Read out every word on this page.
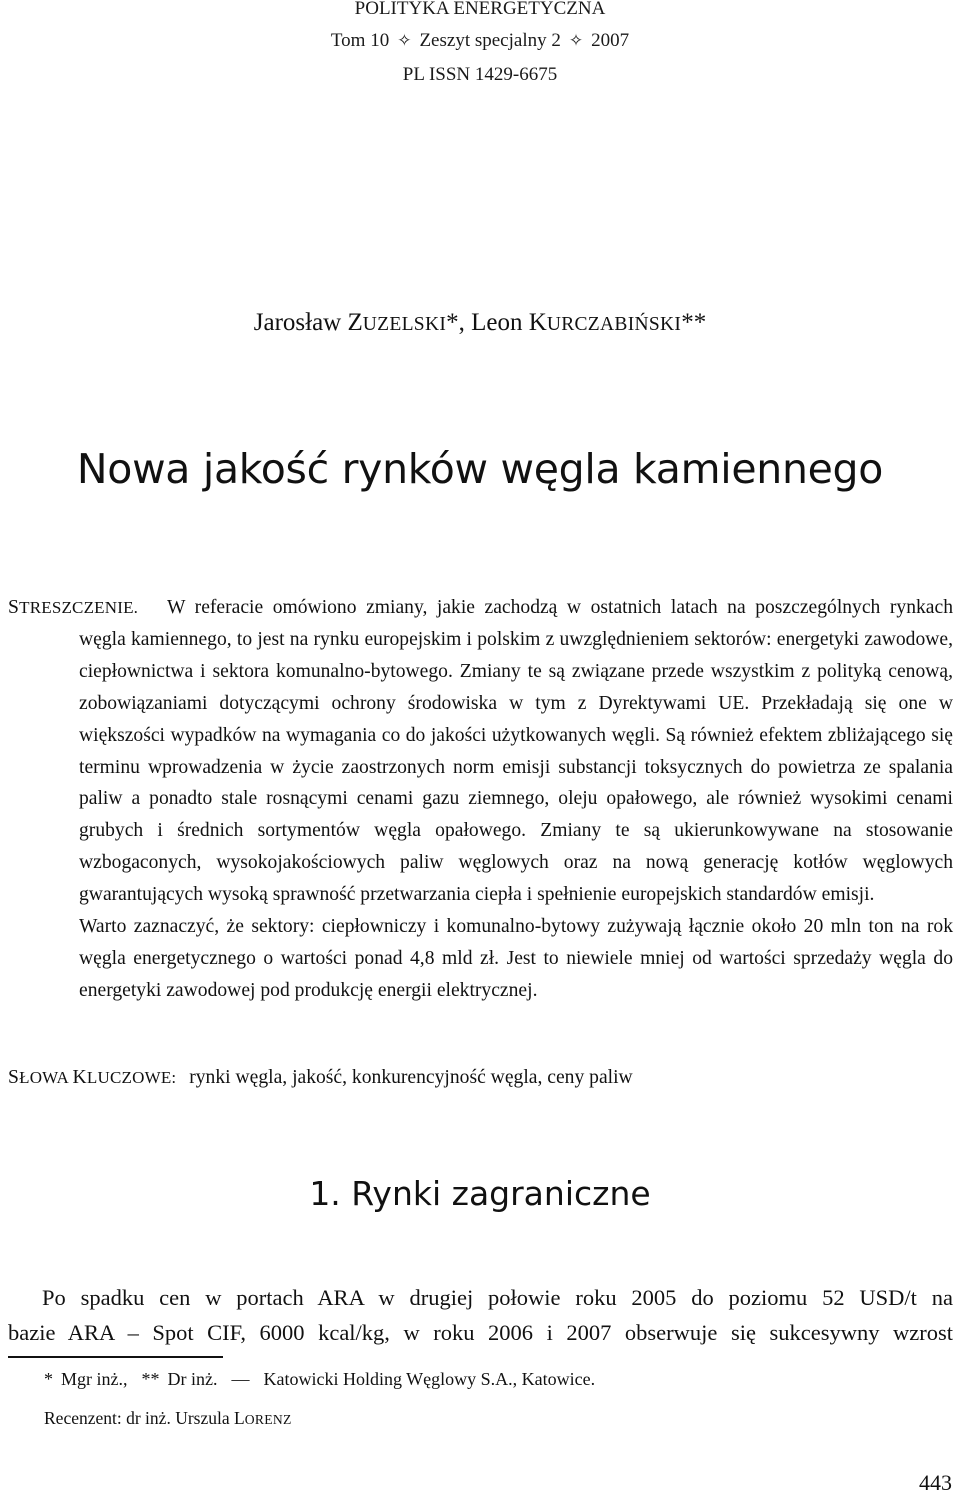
POLITYKA ENERGETYCZNA
Tom 10 ✧ Zeszyt specjalny 2 ✧ 2007
PL ISSN 1429-6675
Jarosław ZUZELSKI*, Leon KURCZABIŃSKI**
Nowa jakość rynków węgla kamiennego
STRESZCZENIE.	W referacie omówiono zmiany, jakie zachodzą w ostatnich latach na poszczególnych rynkach węgla kamiennego, to jest na rynku europejskim i polskim z uwzględnieniem sektorów: energetyki zawodowe, ciepłownictwa i sektora komunalno-bytowego. Zmiany te są związane przede wszystkim z polityką cenową, zobowiązaniami dotyczącymi ochrony środowiska w tym z Dyrektywami UE. Przekładają się one w większości wypadków na wymagania co do jakości użytkowanych węgli. Są również efektem zbliżającego się terminu wprowadzenia w życie zaostrzonych norm emisji substancji toksycznych do powietrza ze spalania paliw a ponadto stale rosnącymi cenami gazu ziemnego, oleju opałowego, ale również wysokimi cenami grubych i średnich sortymentów węgla opałowego. Zmiany te są ukierunkowywane na stosowanie wzbogaconych, wysokojakościowych paliw węglowych oraz na nową generację kotłów węglowych gwarantujących wysoką sprawność przetwarzania ciepła i spełnienie europejskich standardów emisji.

Warto zaznaczyć, że sektory: ciepłowniczy i komunalno-bytowy zużywają łącznie około 20 mln ton na rok węgla energetycznego o wartości ponad 4,8 mld zł. Jest to niewiele mniej od wartości sprzedaży węgla do energetyki zawodowej pod produkcję energii elektrycznej.

SŁOWA KLUCZOWE: rynki węgla, jakość, konkurencyjność węgla, ceny paliw
1. Rynki zagraniczne

Po spadku cen w portach ARA w drugiej połowie roku 2005 do poziomu 52 USD/t na

bazie ARA – Spot CIF, 6000 kcal/kg, w roku 2006 i 2007 obserwuje się sukcesywny wzrost

* Mgr inż., ** Dr inż. — Katowicki Holding Węglowy S.A., Katowice.
Recenzent: dr inż. Urszula LORENZ
443
